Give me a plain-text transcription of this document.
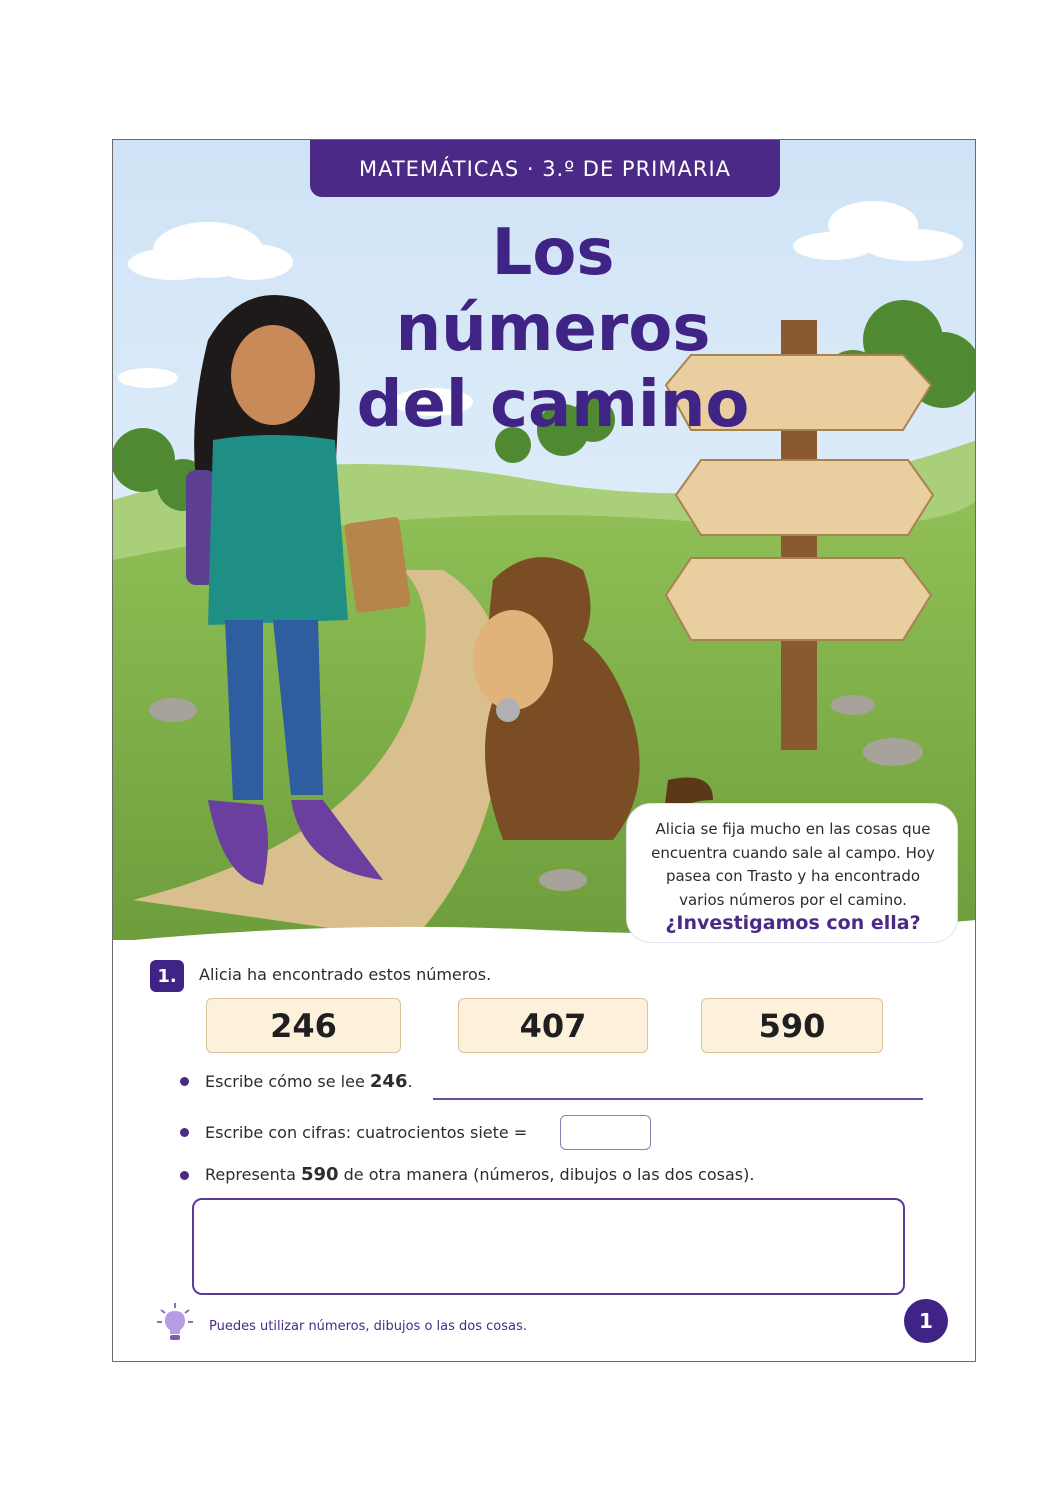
MATEMÁTICAS · 3.º DE PRIMARIA
Los números
del camino
Alicia se fija mucho en las cosas que encuentra cuando sale al campo. Hoy pasea con Trasto y ha encontrado varios números por el camino.
¿Investigamos con ella?
1.	Alicia ha encontrado estos números.
246	407	590
Escribe cómo se lee 246.
Escribe con cifras: cuatrocientos siete =
Representa 590 de otra manera (números, dibujos o las dos cosas).
Puedes utilizar números, dibujos o las dos cosas.	1
